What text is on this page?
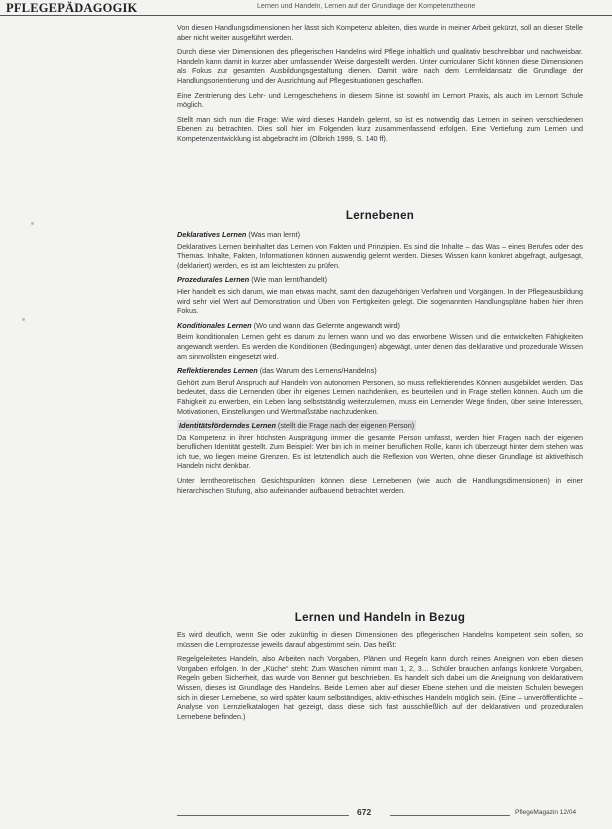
PFLEGEPÄDAGOGIK	Lernen und Handeln, Lernen auf der Grundlage der Kompetenztheorie

Von diesen Handlungsdimensionen her lässt sich Kompetenz ableiten, dies wurde in meiner Arbeit gekürzt, soll an dieser Stelle aber nicht weiter ausgeführt werden.

Durch diese vier Dimensionen des pflegerischen Handelns wird Pflege inhaltlich und qualitativ beschreibbar und nachweisbar. Handeln kann damit in kurzer aber umfassender Weise dargestellt werden. Unter curricularer Sicht können diese Dimensionen als Fokus zur gesamten Ausbildungsgestaltung dienen. Damit wäre nach dem Lernfeldansatz die Grundlage der Handlungsorientierung und der Ausrichtung auf Pflegesituationen geschaffen.

Eine Zentrierung des Lehr- und Lerngeschehens in diesem Sinne ist sowohl im Lernort Praxis, als auch im Lernort Schule möglich.

Stellt man sich nun die Frage: Wie wird dieses Handeln gelernt, so ist es notwendig das Lernen in seinen verschiedenen Ebenen zu betrachten. Dies soll hier im Folgenden kurz zusammenfassend erfolgen. Eine Vertiefung zum Lernen und Kompetenzentwicklung ist abgebracht im (Olbrich 1999, S. 140 ff).

Lernebenen
Deklaratives Lernen (Was man lernt)

Deklaratives Lernen beinhaltet das Lernen von Fakten und Prinzipien. Es sind die Inhalte – das Was – eines Berufes oder des Themas. Inhalte, Fakten, Informationen können auswendig gelernt werden. Dieses Wissen kann konkret abgefragt, aufgesagt, (deklariert) werden, es ist am leichtesten zu prüfen.

Prozedurales Lernen (Wie man lernt/handelt)

Hier handelt es sich darum, wie man etwas macht, samt den dazugehörigen Verfahren und Vorgängen. In der Pflegeausbildung wird sehr viel Wert auf Demonstration und Üben von Fertigkeiten gelegt. Die sogenannten Handlungspläne haben hier ihren Fokus.

Konditionales Lernen (Wo und wann das Gelernte angewandt wird)

Beim konditionalen Lernen geht es darum zu lernen wann und wo das erworbene Wissen und die entwickelten Fähigkeiten angewandt werden. Es werden die Konditionen (Bedingungen) abgewägt, unter denen das deklarative und prozedurale Wissen am sinnvollsten eingesetzt wird.

Reflektierendes Lernen (das Warum des Lernens/Handelns)

Gehört zum Beruf Anspruch auf Handeln von autonomen Personen, so muss reflektierendes Können ausgebildet werden. Das bedeutet, dass die Lernenden über ihr eigenes Lernen nachdenken, es beurteilen und in Frage stellen können. Auch um die Fähigkeit zu erwerben, ein Leben lang selbstständig weiterzulernen, muss ein Lernender Wege finden, über seine Interessen, Motivationen, Einstellungen und Wertmaßstäbe nachzudenken.

Identitätsförderndes Lernen (stellt die Frage nach der eigenen Person)

Da Kompetenz in ihrer höchsten Ausprägung immer die gesamte Person umfasst, werden hier Fragen nach der eigenen beruflichen Identität gestellt. Zum Beispiel: Wer bin ich in meiner beruflichen Rolle, kann ich überzeugt hinter dem stehen was ich tue, wo liegen meine Grenzen. Es ist letztendlich auch die Reflexion von Werten, ohne dieser Grundlage ist aktivethisch Handeln nicht denkbar.

Unter lerntheoretischen Gesichtspunkten können diese Lernebenen (wie auch die Handlungsdimensionen) in einer hierarchischen Stufung, also aufeinander aufbauend betrachtet werden.

Lernen und Handeln in Bezug

Es wird deutlich, wenn Sie oder zukünftig in diesen Dimensionen des pflegerischen Handelns kompetent sein sollen, so müssen die Lernprozesse jeweils darauf abgestimmt sein. Das heißt:

Regelgeleitetes Handeln, also Arbeiten nach Vorgaben, Plänen und Regeln kann durch reines Aneignen von eben diesen Vorgaben erfolgen. In der „Küche“ steht: Zum Waschen nimmt man 1, 2, 3… Schüler brauchen anfangs konkrete Vorgaben, Regeln geben Sicherheit, das wurde von Benner gut beschrieben. Es handelt sich dabei um die Aneignung von deklarativem Wissen, dieses ist Grundlage des Handelns. Beide Lernen aber auf dieser Ebene stehen und die meisten Schulen bewegen sich in dieser Lernebene, so wird später kaum selbständiges, aktiv-ethisches Handeln möglich sein. (Eine – unveröffentlichte – Analyse von Lernzielkatalogen hat gezeigt, dass diese sich fast ausschließlich auf der deklarativen und prozeduralen Lernebene befinden.)

672	PflegeMagazin 12/04
